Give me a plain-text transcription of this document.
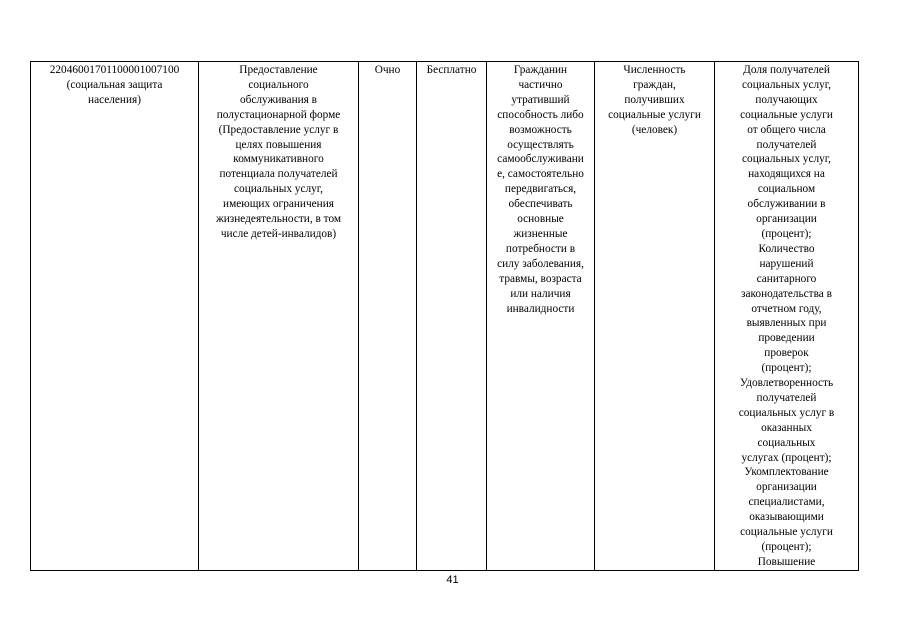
22046001701100001007100
(социальная защита
населения)	Предоставление
социального
обслуживания в
полустационарной форме
(Предоставление услуг в
целях повышения
коммуникативного
потенциала получателей
социальных услуг,
имеющих ограничения
жизнедеятельности, в том
числе детей-инвалидов)	Очно	Бесплатно	Гражданин
частично
утративший
способность либо
возможность
осуществлять
самообслуживани
е, самостоятельно
передвигаться,
обеспечивать
основные
жизненные
потребности в
силу заболевания,
травмы, возраста
или наличия
инвалидности	Численность
граждан,
получивших
социальные услуги
(человек)	Доля получателей
социальных услуг,
получающих
социальные услуги
от общего числа
получателей
социальных услуг,
находящихся на
социальном
обслуживании в
организации
(процент);
Количество
нарушений
санитарного
законодательства в
отчетном году,
выявленных при
проведении
проверок
(процент);
Удовлетворенность
получателей
социальных услуг в
оказанных
социальных
услугах (процент);
Укомплектование
организации
специалистами,
оказывающими
социальные услуги
(процент);
Повышение
41
